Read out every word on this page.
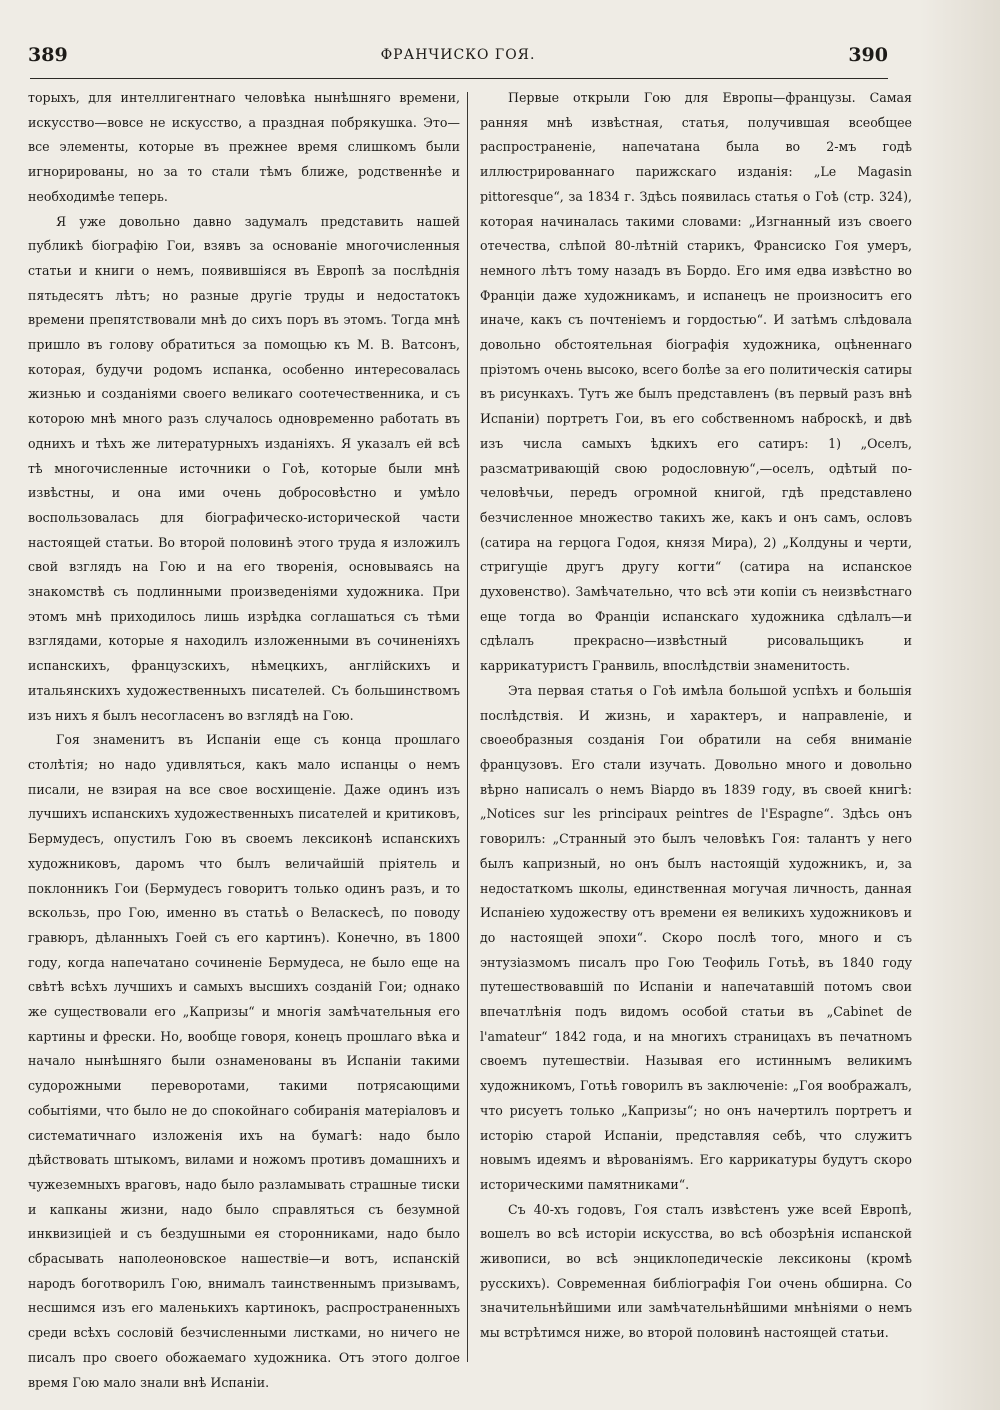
389	ФРАНЧИСКО ГОЯ.	390

торыхъ, для интеллигентнаго человѣка нынѣшняго времени, искусство—вовсе не искусство, а праздная побрякушка. Это—все элементы, которые въ прежнее время слишкомъ были игнорированы, но за то стали тѣмъ ближе, родственнѣе и необходимѣе теперь.

Я уже довольно давно задумалъ представить нашей публикѣ біографію Гои, взявъ за основаніе многочисленныя статьи и книги о немъ, появившіяся въ Европѣ за послѣднія пятьдесятъ лѣтъ; но разные другіе труды и недостатокъ времени препятствовали мнѣ до сихъ поръ въ этомъ. Тогда мнѣ пришло въ голову обратиться за помощью къ М. В. Ватсонъ, которая, будучи родомъ испанка, особенно интересовалась жизнью и созданіями своего великаго соотечественника, и съ которою мнѣ много разъ случалось одновременно работать въ однихъ и тѣхъ же литературныхъ изданіяхъ. Я указалъ ей всѣ тѣ многочисленные источники о Гоѣ, которые были мнѣ извѣстны, и она ими очень добросовѣстно и умѣло воспользовалась для біографическо-исторической части настоящей статьи. Во второй половинѣ этого труда я изложилъ свой взглядъ на Гою и на его творенія, основываясь на знакомствѣ съ подлинными произведеніями художника. При этомъ мнѣ приходилось лишь изрѣдка соглашаться съ тѣми взглядами, которые я находилъ изложенными въ сочиненіяхъ испанскихъ, французскихъ, нѣмецкихъ, англійскихъ и итальянскихъ художественныхъ писателей. Съ большинствомъ изъ нихъ я былъ несогласенъ во взглядѣ на Гою.

Гоя знаменитъ въ Испаніи еще съ конца прошлаго столѣтія; но надо удивляться, какъ мало испанцы о немъ писали, не взирая на все свое восхищеніе. Даже одинъ изъ лучшихъ испанскихъ художественныхъ писателей и критиковъ, Бермудесъ, опустилъ Гою въ своемъ лексиконѣ испанскихъ художниковъ, даромъ что былъ величайшій пріятель и поклонникъ Гои (Бермудесъ говоритъ только одинъ разъ, и то вскользь, про Гою, именно въ статьѣ о Веласкесѣ, по поводу гравюръ, дѣланныхъ Гоей съ его картинъ). Конечно, въ 1800 году, когда напечатано сочиненіе Бермудеса, не было еще на свѣтѣ всѣхъ лучшихъ и самыхъ высшихъ созданій Гои; однако же существовали его „Капризы“ и многія замѣчательныя его картины и фрески. Но, вообще говоря, конецъ прошлаго вѣка и начало нынѣшняго были ознаменованы въ Испаніи такими судорожными переворотами, такими потрясающими событіями, что было не до спокойнаго собиранія матеріаловъ и систематичнаго изложенія ихъ на бумагѣ: надо было дѣйствовать штыкомъ, вилами и ножомъ противъ домашнихъ и чужеземныхъ враговъ, надо было разламывать страшные тиски и капканы жизни, надо было справляться съ безумной инквизиціей и съ бездушными ея сторонниками, надо было сбрасывать наполеоновское нашествіе—и вотъ, испанскій народъ боготворилъ Гою, внималъ таинственнымъ призывамъ, несшимся изъ его маленькихъ картинокъ, распространенныхъ среди всѣхъ сословій безчисленными листками, но ничего не писалъ про своего обожаемаго художника. Отъ этого долгое время Гою мало знали внѣ Испаніи.

Первые открыли Гою для Европы—французы. Самая ранняя мнѣ извѣстная, статья, получившая всеобщее распространеніе, напечатана была во 2-мъ годѣ иллюстрированнаго парижскаго изданія: „Le Magasin pittoresque“, за 1834 г. Здѣсь появилась статья о Гоѣ (стр. 324), которая начиналась такими словами: „Изгнанный изъ своего отечества, слѣпой 80-лѣтній старикъ, Франсиско Гоя умеръ, немного лѣтъ тому назадъ въ Бордо. Его имя едва извѣстно во Франціи даже художникамъ, и испанецъ не произноситъ его иначе, какъ съ почтеніемъ и гордостью“. И затѣмъ слѣдовала довольно обстоятельная біографія художника, оцѣненнаго пріэтомъ очень высоко, всего болѣе за его политическія сатиры въ рисункахъ. Тутъ же былъ представленъ (въ первый разъ внѣ Испаніи) портретъ Гои, въ его собственномъ наброскѣ, и двѣ изъ числа самыхъ ѣдкихъ его сатиръ: 1) „Оселъ, разсматривающій свою родословную“,—оселъ, одѣтый по-человѣчьи, передъ огромной книгой, гдѣ представлено безчисленное множество такихъ же, какъ и онъ самъ, ословъ (сатира на герцога Годоя, князя Мира), 2) „Колдуны и черти, стригущіе другъ другу когти“ (сатира на испанское духовенство). Замѣчательно, что всѣ эти копіи съ неизвѣстнаго еще тогда во Франціи испанскаго художника сдѣлалъ—и сдѣлалъ прекрасно—извѣстный рисовальщикъ и каррикатуристъ Гранвиль, впослѣдствіи знаменитость.

Эта первая статья о Гоѣ имѣла большой успѣхъ и большія послѣдствія. И жизнь, и характеръ, и направленіе, и своеобразныя созданія Гои обратили на себя вниманіе французовъ. Его стали изучать. Довольно много и довольно вѣрно написалъ о немъ Віардо въ 1839 году, въ своей книгѣ: „Notices sur les principaux peintres de l'Espagne“. Здѣсь онъ говорилъ: „Странный это былъ человѣкъ Гоя: талантъ у него былъ капризный, но онъ былъ настоящій художникъ, и, за недостаткомъ школы, единственная могучая личность, данная Испаніею художеству отъ времени ея великихъ художниковъ и до настоящей эпохи“. Скоро послѣ того, много и съ энтузіазмомъ писалъ про Гою Теофиль Готьѣ, въ 1840 году путешествовавшій по Испаніи и напечатавшій потомъ свои впечатлѣнія подъ видомъ особой статьи въ „Cabinet de l'amateur“ 1842 года, и на многихъ страницахъ въ печатномъ своемъ путешествіи. Называя его истиннымъ великимъ художникомъ, Готьѣ говорилъ въ заключеніе: „Гоя воображалъ, что рисуетъ только „Капризы“; но онъ начертилъ портретъ и исторію старой Испаніи, представляя себѣ, что служитъ новымъ идеямъ и вѣрованіямъ. Его каррикатуры будутъ скоро историческими памятниками“.

Съ 40-хъ годовъ, Гоя сталъ извѣстенъ уже всей Европѣ, вошелъ во всѣ исторіи искусства, во всѣ обозрѣнія испанской живописи, во всѣ энциклопедическіе лексиконы (кромѣ русскихъ). Современная библіографія Гои очень обширна. Со значительнѣйшими или замѣчательнѣйшими мнѣніями о немъ мы встрѣтимся ниже, во второй половинѣ настоящей статьи.
